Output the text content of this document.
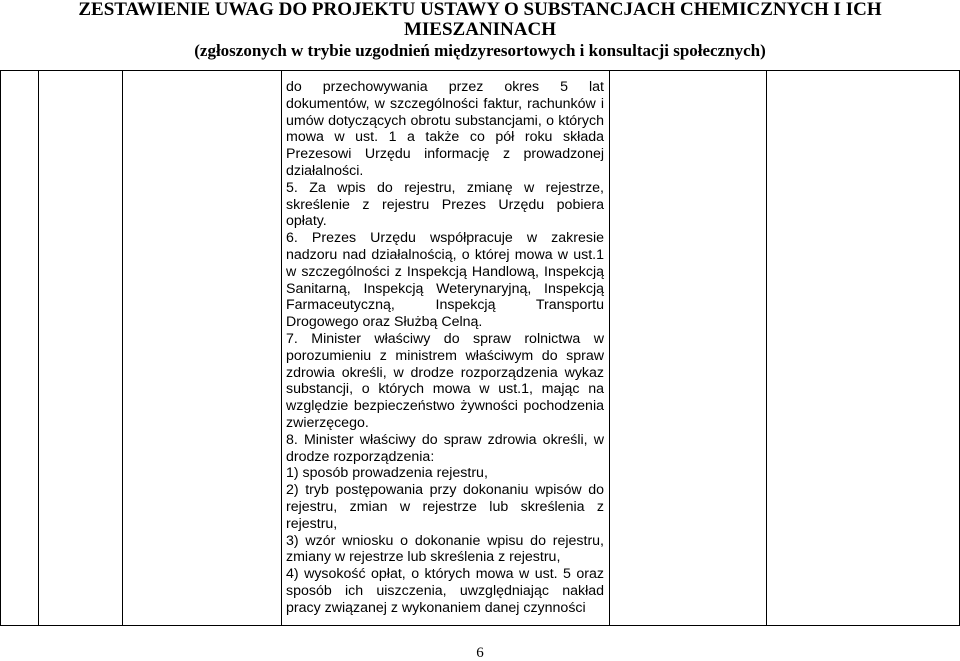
ZESTAWIENIE UWAG DO PROJEKTU USTAWY O SUBSTANCJACH CHEMICZNYCH I ICH
MIESZANINACH
(zgłoszonych w trybie uzgodnień międzyresortowych i konsultacji społecznych)

do przechowywania przez okres 5 lat dokumentów, w szczególności faktur, rachunków i umów dotyczących obrotu substancjami, o których mowa w ust. 1 a także co pół roku składa Prezesowi Urzędu informację z prowadzonej działalności.

5. Za wpis do rejestru, zmianę w rejestrze, skreślenie z rejestru Prezes Urzędu pobiera opłaty.

6. Prezes Urzędu współpracuje w zakresie nadzoru nad działalnością, o której mowa w ust.1 w szczególności z Inspekcją Handlową, Inspekcją Sanitarną, Inspekcją Weterynaryjną, Inspekcją Farmaceutyczną, Inspekcją Transportu Drogowego oraz Służbą Celną.

7. Minister właściwy do spraw rolnictwa w porozumieniu z ministrem właściwym do spraw zdrowia określi, w drodze rozporządzenia wykaz substancji, o których mowa w ust.1, mając na względzie bezpieczeństwo żywności pochodzenia zwierzęcego.

8. Minister właściwy do spraw zdrowia określi, w drodze rozporządzenia:

1) sposób prowadzenia rejestru,

2) tryb postępowania przy dokonaniu wpisów do rejestru, zmian w rejestrze lub skreślenia z rejestru,

3) wzór wniosku o dokonanie wpisu do rejestru, zmiany w rejestrze lub skreślenia z rejestru,

4) wysokość opłat, o których mowa w ust. 5 oraz sposób ich uiszczenia, uwzględniając nakład pracy związanej z wykonaniem danej czynności

6
